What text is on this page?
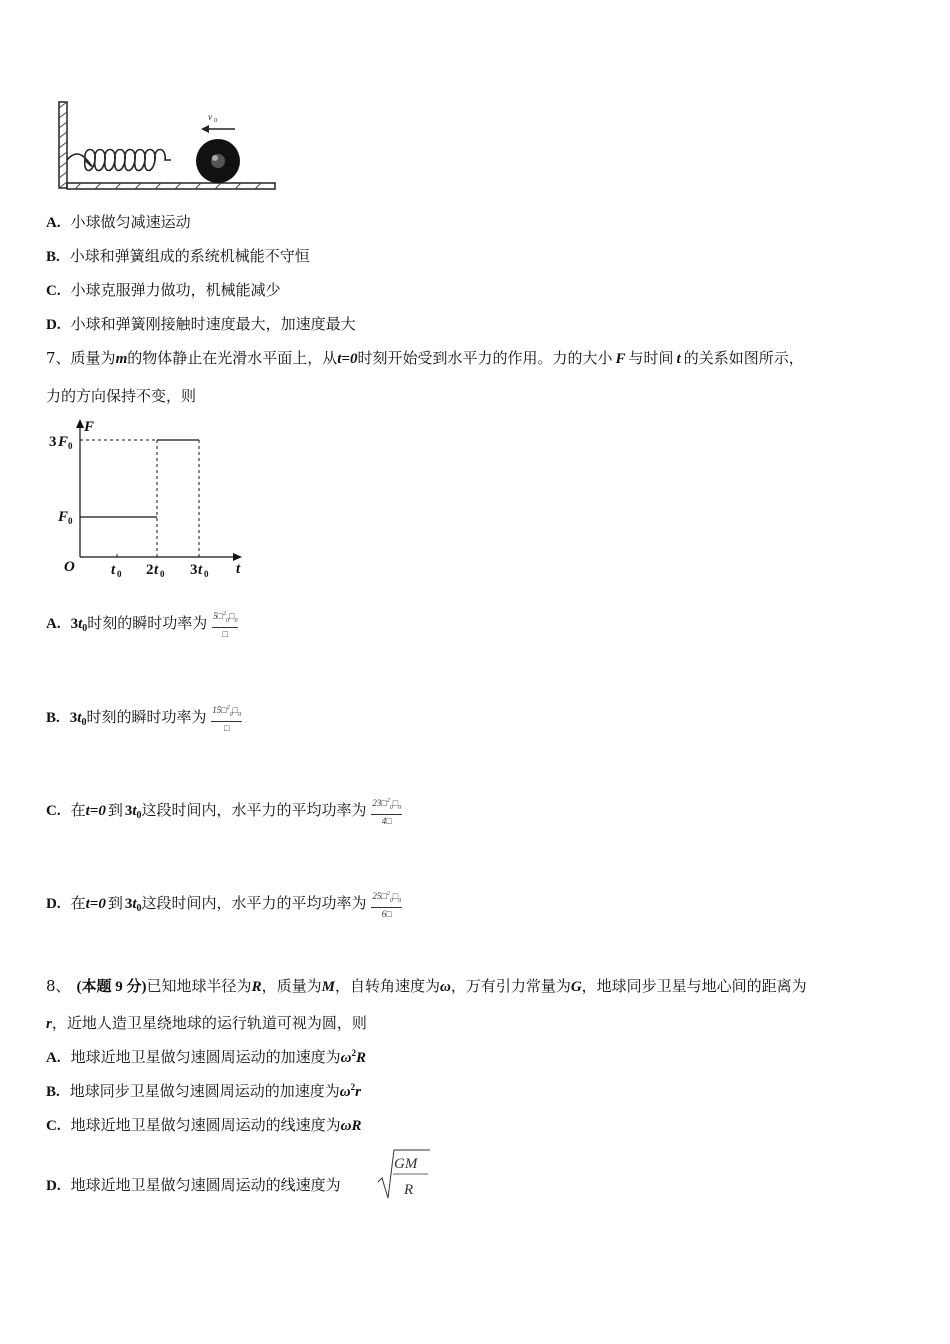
v 0
A. 小球做匀减速运动
B. 小球和弹簧组成的系统机械能不守恒
C. 小球克服弹力做功，机械能减少
D. 小球和弹簧刚接触时速度最大，加速度最大
7、质量为m的物体静止在光滑水平面上，从t=0时刻开始受到水平力的作用。力的大小 F 与时间 t 的关系如图所示，
力的方向保持不变，则
F
t
O
3 F 0
F 0
t 0 2 t 0 3 t 0
A. $3t_0$时刻的瞬时功率为 $\frac{5□^2_0□_0}{□}$
B. $3t_0$时刻的瞬时功率为 $\frac{15□^2_0□_0}{□}$
C. 在t=0 到 $3t_0$这段时间内，水平力的平均功率为 $\frac{23□^2_0□_0}{4□}$
D. 在t=0 到 $3t_0$这段时间内，水平力的平均功率为 $\frac{25□^2_0□_0}{6□}$
8、 (本题 9 分)已知地球半径为R，质量为M，自转角速度为ω，万有引力常量为G，地球同步卫星与地心间的距离为
r，近地人造卫星绕地球的运行轨道可视为圆，则
A. 地球近地卫星做匀速圆周运动的加速度为$\omega^2R$
B. 地球同步卫星做匀速圆周运动的加速度为$\omega^2r$
C. 地球近地卫星做匀速圆周运动的线速度为ωR
D. 地球近地卫星做匀速圆周运动的线速度为
GM
R
